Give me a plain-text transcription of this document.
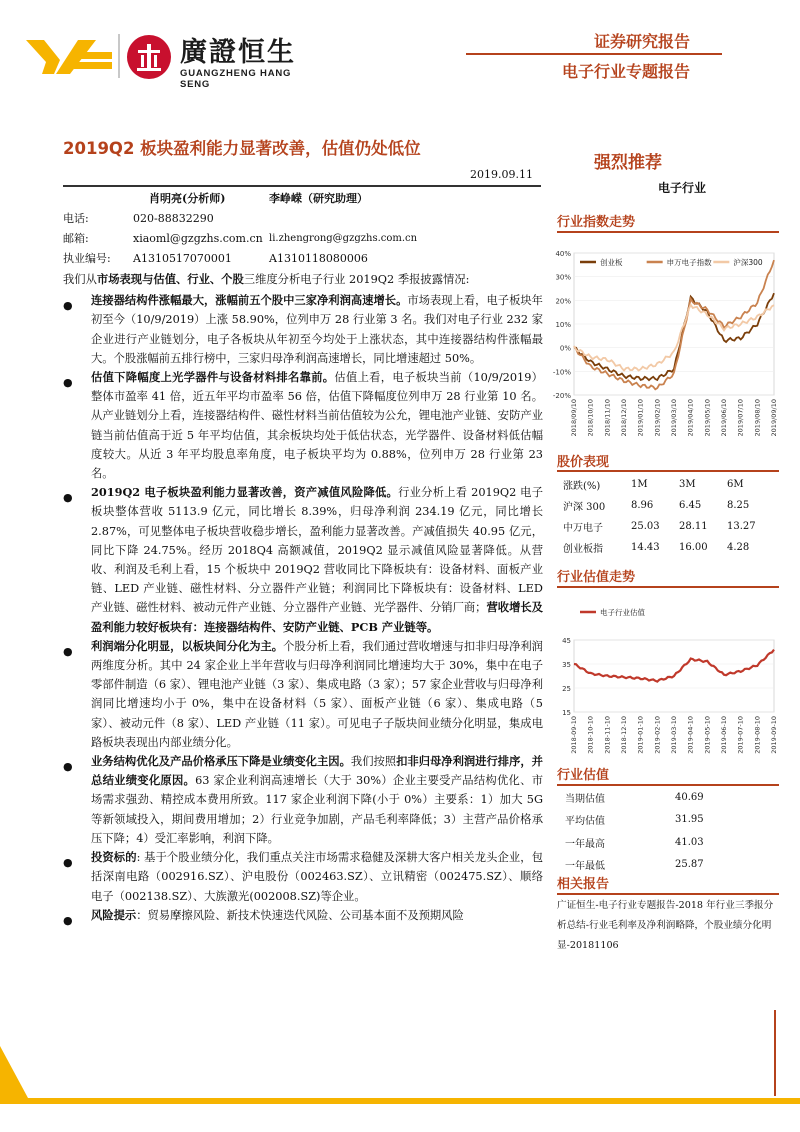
廣證恒生
GUANGZHENG HANG SENG
证券研究报告
电子行业专题报告
2019Q2 板块盈利能力显著改善，估值仍处低位
2019.09.11
强烈推荐
电子行业
肖明亮(分析师)	李峥嵘（研究助理）
电话:	020-88832290
邮箱:	xiaoml@gzgzhs.com.cn li.zhengrong@gzgzhs.com.cn
执业编号: A1310517070001	A1310118080006

我们从市场表现与估值、行业、个股三维度分析电子行业 2019Q2 季报披露情况:

●	连接器结构件涨幅最大，涨幅前五个股中三家净利润高速增长。市场表现上看，电子板块年初至今（10/9/2019）上涨 58.90%，位列申万 28 行业第 3 名。我们对电子行业 232 家企业进行产业链划分，电子各板块从年初至今均处于上涨状态，其中连接器结构件涨幅最大。个股涨幅前五排行榜中，三家归母净利润高速增长，同比增速超过 50%。
●	估值下降幅度上光学器件与设备材料排名靠前。估值上看，电子板块当前（10/9/2019）整体市盈率 41 倍，近五年平均市盈率 56 倍，估值下降幅度位列申万 28 行业第 10 名。从产业链划分上看，连接器结构件、磁性材料当前估值较为公允，锂电池产业链、安防产业链当前估值高于近 5 年平均估值，其余板块均处于低估状态，光学器件、设备材料低估幅度较大。从近 3 年平均股息率角度，电子板块平均为 0.88%，位列申万 28 行业第 23 名。
●	2019Q2 电子板块盈利能力显著改善，资产减值风险降低。行业分析上看 2019Q2 电子板块整体营收 5113.9 亿元，同比增长 8.39%，归母净利润 234.19 亿元，同比增长 2.87%，可见整体电子板块营收稳步增长，盈利能力显著改善。产减值损失 40.95 亿元，同比下降 24.75%。经历 2018Q4 高额减值，2019Q2 显示减值风险显著降低。从营收、利润及毛利上看，15 个板块中 2019Q2 营收同比下降板块有：设备材料、面板产业链、LED 产业链、磁性材料、分立器件产业链；利润同比下降板块有：设备材料、LED 产业链、磁性材料、被动元件产业链、分立器件产业链、光学器件、分销厂商；营收增长及盈利能力较好板块有：连接器结构件、安防产业链、PCB 产业链等。
●	利润端分化明显，以板块间分化为主。个股分析上看，我们通过营收增速与扣非归母净利润两维度分析。其中 24 家企业上半年营收与归母净利润同比增速均大于 30%，集中在电子零部件制造（6 家）、锂电池产业链（3 家）、集成电路（3 家）；57 家企业营收与归母净利润同比增速均小于 0%，集中在设备材料（5 家）、面板产业链（6 家）、集成电路（5 家）、被动元件（8 家）、LED 产业链（11 家）。可见电子子版块间业绩分化明显，集成电路板块表现出内部业绩分化。
●	业务结构优化及产品价格承压下降是业绩变化主因。我们按照扣非归母净利润进行排序，并总结业绩变化原因。63 家企业利润高速增长（大于 30%）企业主要受产品结构优化、市场需求强劲、精控成本费用所致。117 家企业利润下降(小于 0%）主要系：1）加大 5G 等新领域投入，期间费用增加；2）行业竞争加剧，产品毛利率降低；3）主营产品价格承压下降；4）受汇率影响，利润下降。
●	投资标的: 基于个股业绩分化，我们重点关注市场需求稳健及深耕大客户相关龙头企业，包括深南电路（002916.SZ）、沪电股份（002463.SZ）、立讯精密（002475.SZ）、顺络电子（002138.SZ）、大族激光(002008.SZ)等企业。
●	风险提示：贸易摩擦风险、新技术快速迭代风险、公司基本面不及预期风险
行业指数走势
40%
30%
20%
10%
0%
-10%
-20%
2018/09/10 2018/10/10 2018/11/10 2018/12/10 2019/01/10 2019/02/10 2019/03/10 2019/04/10 2019/05/10 2019/06/10 2019/07/10 2019/08/10 2019/09/10
创业板	申万电子指数	沪深300
股价表现
涨跌(%)	1M	3M	6M
沪深 300	8.96	6.45	8.25
中万电子	25.03	28.11	13.27
创业板指	14.43	16.00	4.28
行业估值走势
45
35
25
15
2018-09-10 2018-10-10 2018-11-10 2018-12-10 2019-01-10 2019-02-10 2019-03-10 2019-04-10 2019-05-10 2019-06-10 2019-07-10 2019-08-10 2019-09-10
电子行业估值
行业估值
当期估值	40.69
平均估值	31.95
一年最高	41.03
一年最低	25.87
相关报告
广证恒生-电子行业专题报告-2018 年行业三季报分析总结-行业毛利率及净利润略降，个股业绩分化明显-20181106
